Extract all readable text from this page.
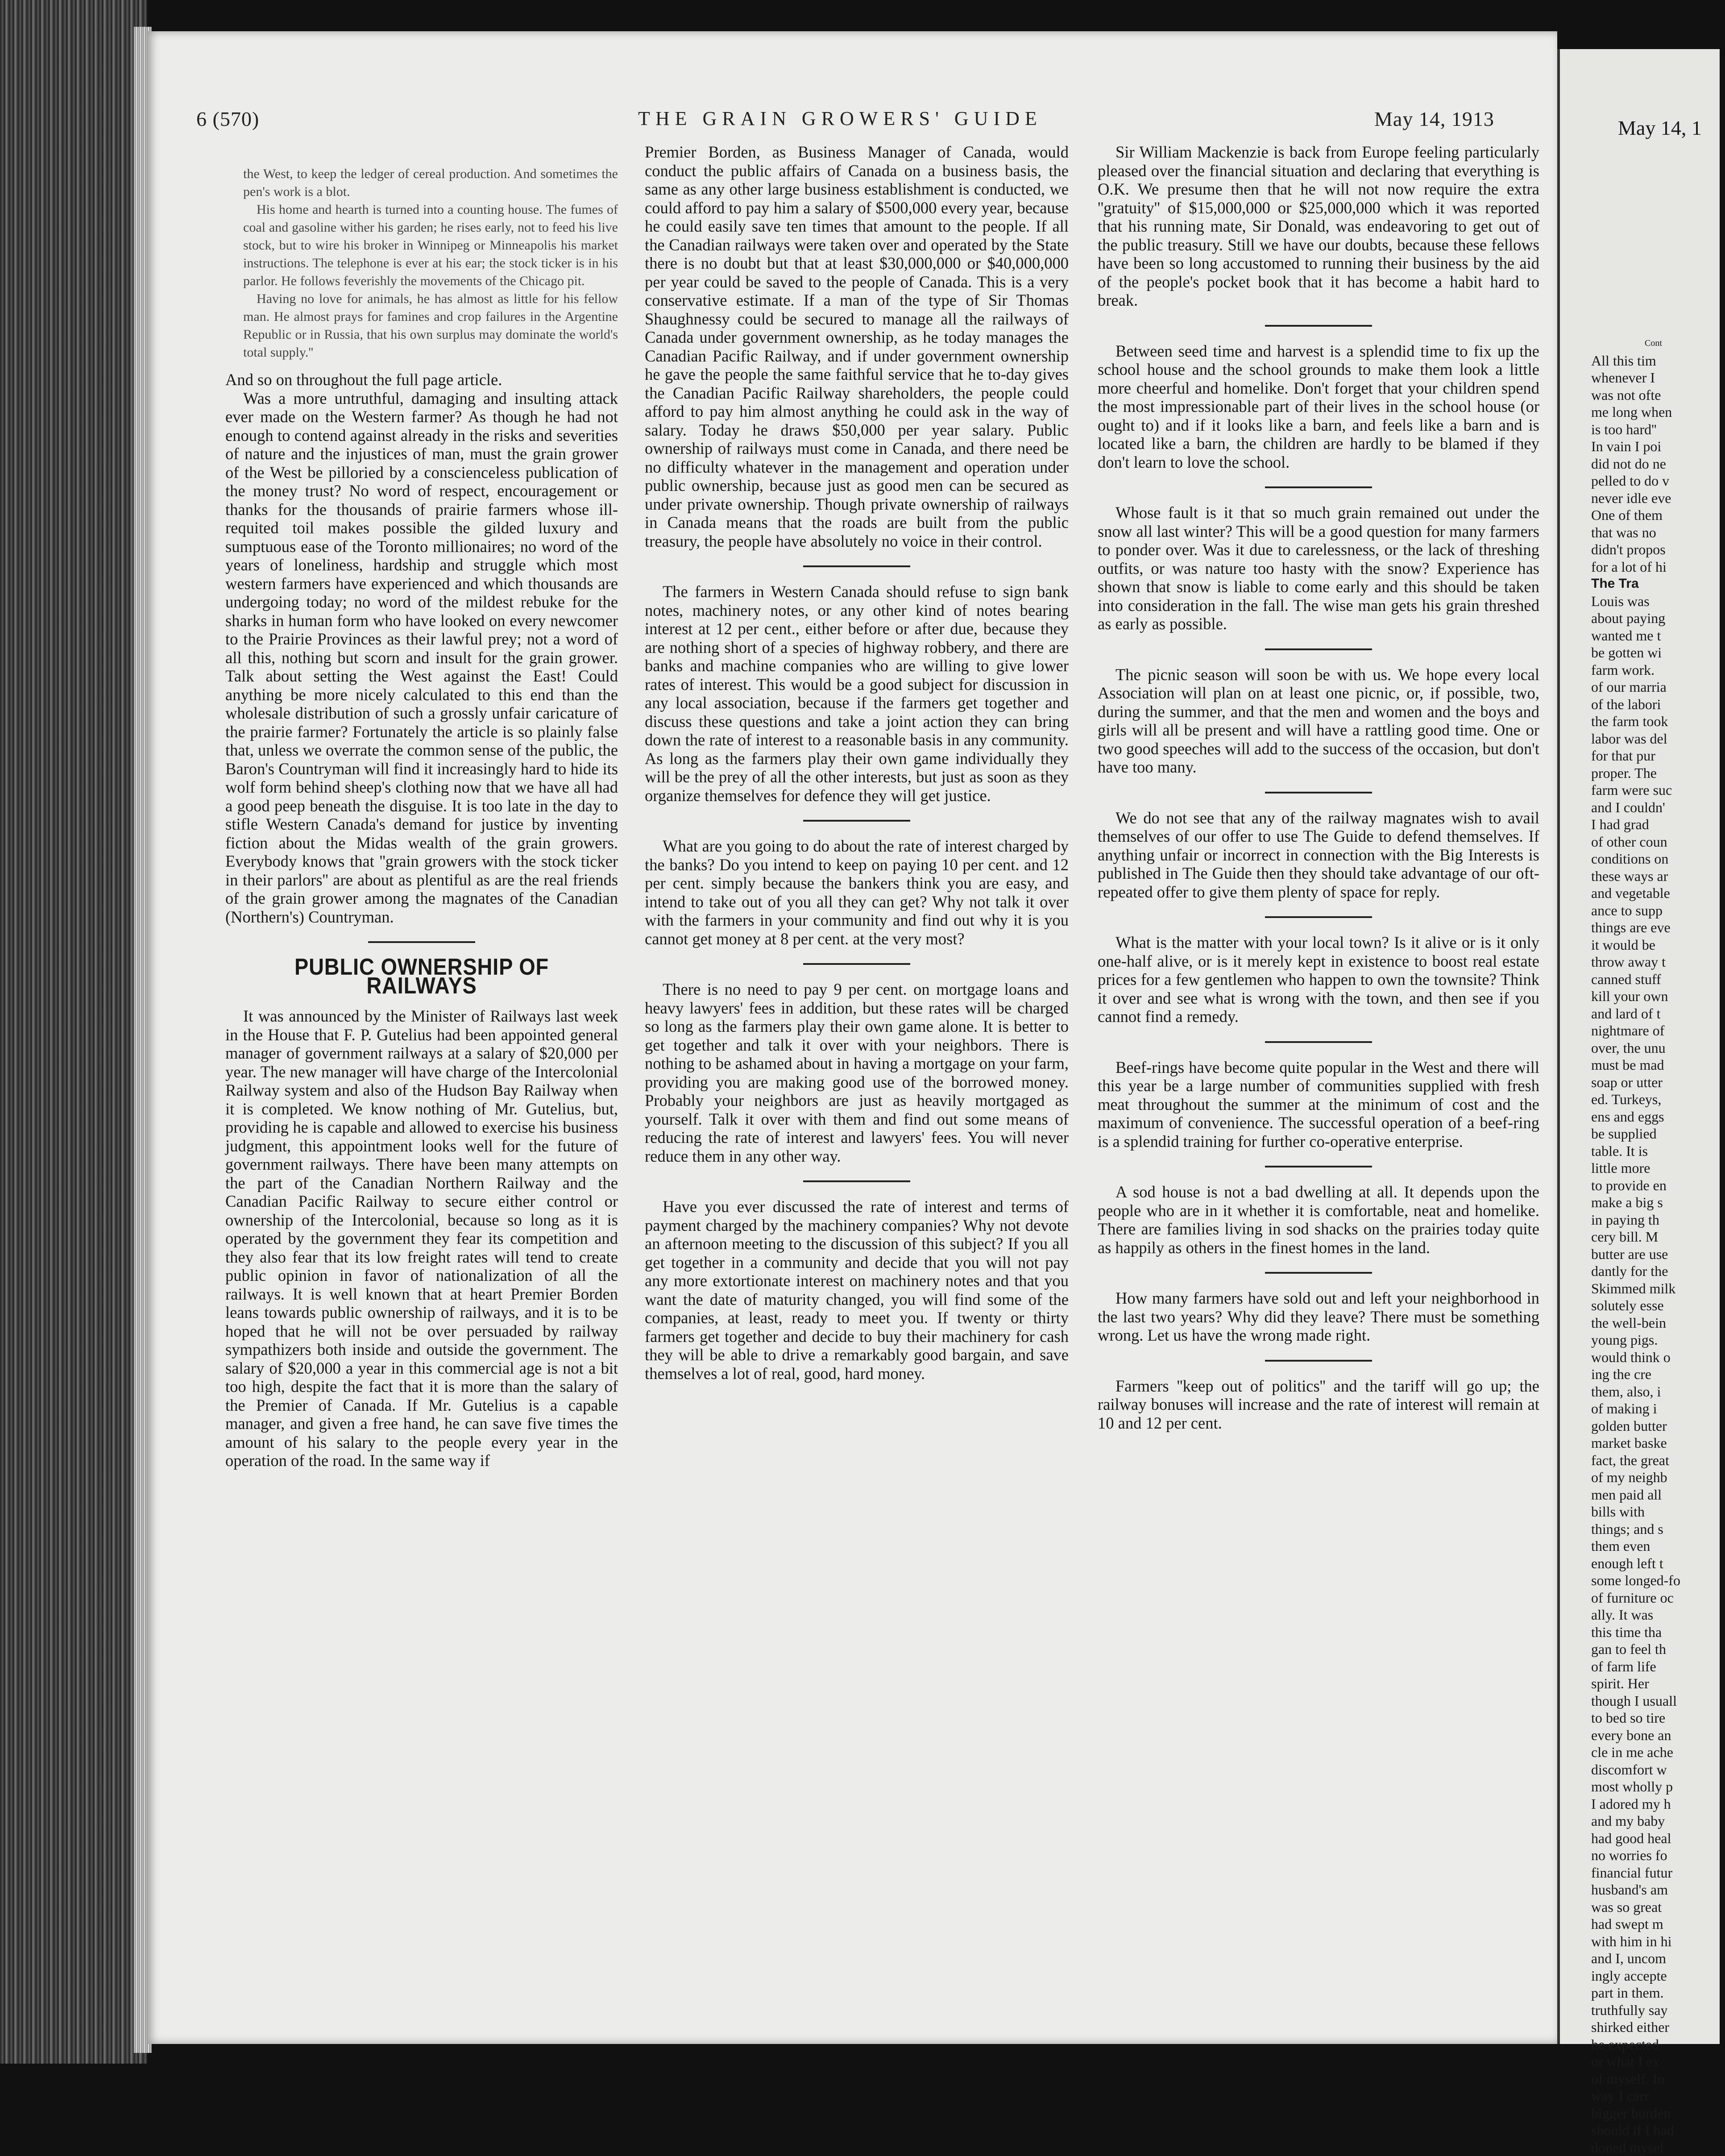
6 (570)	THE GRAIN GROWERS' GUIDE	May 14, 1913

the West, to keep the ledger of cereal production. And sometimes the pen's work is a blot.

His home and hearth is turned into a counting house. The fumes of coal and gasoline wither his garden; he rises early, not to feed his live stock, but to wire his broker in Winnipeg or Minneapolis his market instructions. The telephone is ever at his ear; the stock ticker is in his parlor. He follows feverishly the movements of the Chicago pit.

Having no love for animals, he has almost as little for his fellow man. He almost prays for famines and crop failures in the Argentine Republic or in Russia, that his own surplus may dominate the world's total supply.''

And so on throughout the full page article.

Was a more untruthful, damaging and insulting attack ever made on the Western farmer? As though he had not enough to contend against already in the risks and severities of nature and the injustices of man, must the grain grower of the West be pilloried by a conscienceless publication of the money trust? No word of respect, encouragement or thanks for the thousands of prairie farmers whose ill-requited toil makes possible the gilded luxury and sumptuous ease of the Toronto millionaires; no word of the years of loneliness, hardship and struggle which most western farmers have experienced and which thousands are undergoing today; no word of the mildest rebuke for the sharks in human form who have looked on every newcomer to the Prairie Provinces as their lawful prey; not a word of all this, nothing but scorn and insult for the grain grower. Talk about setting the West against the East! Could anything be more nicely calculated to this end than the wholesale distribution of such a grossly unfair caricature of the prairie farmer? Fortunately the article is so plainly false that, unless we overrate the common sense of the public, the Baron's Countryman will find it increasingly hard to hide its wolf form behind sheep's clothing now that we have all had a good peep beneath the disguise. It is too late in the day to stifle Western Canada's demand for justice by inventing fiction about the Midas wealth of the grain growers. Everybody knows that ''grain growers with the stock ticker in their parlors'' are about as plentiful as are the real friends of the grain grower among the magnates of the Canadian (Northern's) Countryman.

PUBLIC OWNERSHIP OF RAILWAYS

It was announced by the Minister of Railways last week in the House that F. P. Gutelius had been appointed general manager of government railways at a salary of $20,000 per year. The new manager will have charge of the Intercolonial Railway system and also of the Hudson Bay Railway when it is completed. We know nothing of Mr. Gutelius, but, providing he is capable and allowed to exercise his business judgment, this appointment looks well for the future of government railways. There have been many attempts on the part of the Canadian Northern Railway and the Canadian Pacific Railway to secure either control or ownership of the Intercolonial, because so long as it is operated by the government they fear its competition and they also fear that its low freight rates will tend to create public opinion in favor of nationalization of all the railways. It is well known that at heart Premier Borden leans towards public ownership of railways, and it is to be hoped that he will not be over persuaded by railway sympathizers both inside and outside the government. The salary of $20,000 a year in this commercial age is not a bit too high, despite the fact that it is more than the salary of the Premier of Canada. If Mr. Gutelius is a capable manager, and given a free hand, he can save five times the amount of his salary to the people every year in the operation of the road. In the same way if

Premier Borden, as Business Manager of Canada, would conduct the public affairs of Canada on a business basis, the same as any other large business establishment is conducted, we could afford to pay him a salary of $500,000 every year, because he could easily save ten times that amount to the people. If all the Canadian railways were taken over and operated by the State there is no doubt but that at least $30,000,000 or $40,000,000 per year could be saved to the people of Canada. This is a very conservative estimate. If a man of the type of Sir Thomas Shaughnessy could be secured to manage all the railways of Canada under government ownership, as he today manages the Canadian Pacific Railway, and if under government ownership he gave the people the same faithful service that he to-day gives the Canadian Pacific Railway shareholders, the people could afford to pay him almost anything he could ask in the way of salary. Today he draws $50,000 per year salary. Public ownership of railways must come in Canada, and there need be no difficulty whatever in the management and operation under public ownership, because just as good men can be secured as under private ownership. Though private ownership of railways in Canada means that the roads are built from the public treasury, the people have absolutely no voice in their control.

The farmers in Western Canada should refuse to sign bank notes, machinery notes, or any other kind of notes bearing interest at 12 per cent., either before or after due, because they are nothing short of a species of highway robbery, and there are banks and machine companies who are willing to give lower rates of interest. This would be a good subject for discussion in any local association, because if the farmers get together and discuss these questions and take a joint action they can bring down the rate of interest to a reasonable basis in any community. As long as the farmers play their own game individually they will be the prey of all the other interests, but just as soon as they organize themselves for defence they will get justice.

What are you going to do about the rate of interest charged by the banks? Do you intend to keep on paying 10 per cent. and 12 per cent. simply because the bankers think you are easy, and intend to take out of you all they can get? Why not talk it over with the farmers in your community and find out why it is you cannot get money at 8 per cent. at the very most?

There is no need to pay 9 per cent. on mortgage loans and heavy lawyers' fees in addition, but these rates will be charged so long as the farmers play their own game alone. It is better to get together and talk it over with your neighbors. There is nothing to be ashamed about in having a mortgage on your farm, providing you are making good use of the borrowed money. Probably your neighbors are just as heavily mortgaged as yourself. Talk it over with them and find out some means of reducing the rate of interest and lawyers' fees. You will never reduce them in any other way.

Have you ever discussed the rate of interest and terms of payment charged by the machinery companies? Why not devote an afternoon meeting to the discussion of this subject? If you all get together in a community and decide that you will not pay any more extortionate interest on machinery notes and that you want the date of maturity changed, you will find some of the companies, at least, ready to meet you. If twenty or thirty farmers get together and decide to buy their machinery for cash they will be able to drive a remarkably good bargain, and save themselves a lot of real, good, hard money.

Sir William Mackenzie is back from Europe feeling particularly pleased over the financial situation and declaring that everything is O.K. We presume then that he will not now require the extra ''gratuity'' of $15,000,000 or $25,000,000 which it was reported that his running mate, Sir Donald, was endeavoring to get out of the public treasury. Still we have our doubts, because these fellows have been so long accustomed to running their business by the aid of the people's pocket book that it has become a habit hard to break.

Between seed time and harvest is a splendid time to fix up the school house and the school grounds to make them look a little more cheerful and homelike. Don't forget that your children spend the most impressionable part of their lives in the school house (or ought to) and if it looks like a barn, and feels like a barn and is located like a barn, the children are hardly to be blamed if they don't learn to love the school.

Whose fault is it that so much grain remained out under the snow all last winter? This will be a good question for many farmers to ponder over. Was it due to carelessness, or the lack of threshing outfits, or was nature too hasty with the snow? Experience has shown that snow is liable to come early and this should be taken into consideration in the fall. The wise man gets his grain threshed as early as possible.

The picnic season will soon be with us. We hope every local Association will plan on at least one picnic, or, if possible, two, during the summer, and that the men and women and the boys and girls will all be present and will have a rattling good time. One or two good speeches will add to the success of the occasion, but don't have too many.

We do not see that any of the railway magnates wish to avail themselves of our offer to use The Guide to defend themselves. If anything unfair or incorrect in connection with the Big Interests is published in The Guide then they should take advantage of our oft-repeated offer to give them plenty of space for reply.

What is the matter with your local town? Is it alive or is it only one-half alive, or is it merely kept in existence to boost real estate prices for a few gentlemen who happen to own the townsite? Think it over and see what is wrong with the town, and then see if you cannot find a remedy.

Beef-rings have become quite popular in the West and there will this year be a large number of communities supplied with fresh meat throughout the summer at the minimum of cost and the maximum of convenience. The successful operation of a beef-ring is a splendid training for further co-operative enterprise.

A sod house is not a bad dwelling at all. It depends upon the people who are in it whether it is comfortable, neat and homelike. There are families living in sod shacks on the prairies today quite as happily as others in the finest homes in the land.

How many farmers have sold out and left your neighborhood in the last two years? Why did they leave? There must be something wrong. Let us have the wrong made right.

Farmers ''keep out of politics'' and the tariff will go up; the railway bonuses will increase and the rate of interest will remain at 10 and 12 per cent.

May 14, 1
Cont
All this tim
whenever I
was not ofte
me long when
is too hard''
In vain I poi
did not do ne
pelled to do v
never idle eve
One of them
that was no
didn't propos
for a lot of hi
The Tra
Louis was
about paying
wanted me t
be gotten wi
farm work.
of our marria
of the labori
the farm took
labor was del
for that pur
proper. The
farm were suc
and I couldn'
I had grad
of other coun
conditions on
these ways ar
and vegetable
ance to supp
things are eve
it would be
throw away t
canned stuff
kill your own
and lard of t
nightmare of
over, the unu
must be mad
soap or utter
ed. Turkeys,
ens and eggs
be supplied
table. It is
little more
to provide en
make a big s
in paying th
cery bill. M
butter are use
dantly for the
Skimmed milk
solutely esse
the well-bein
young pigs.
would think o
ing the cre
them, also, i
of making i
golden butter
market baske
fact, the great
of my neighb
men paid all
bills with
things; and s
them even
enough left t
some longed-fo
of furniture oc
ally. It was
this time tha
gan to feel th
of farm life
spirit. Her
though I usuall
to bed so tire
every bone an
cle in me ache
discomfort w
most wholly p
I adored my h
and my baby
had good heal
no worries fo
financial futur
husband's am
was so great
had swept m
with him in hi
and I, uncom
ingly accepte
part in them.
truthfully say
shirked either
he expected
or what I ex
of myself. In
way I carr
bigger burden
should if I had
doned mysel
